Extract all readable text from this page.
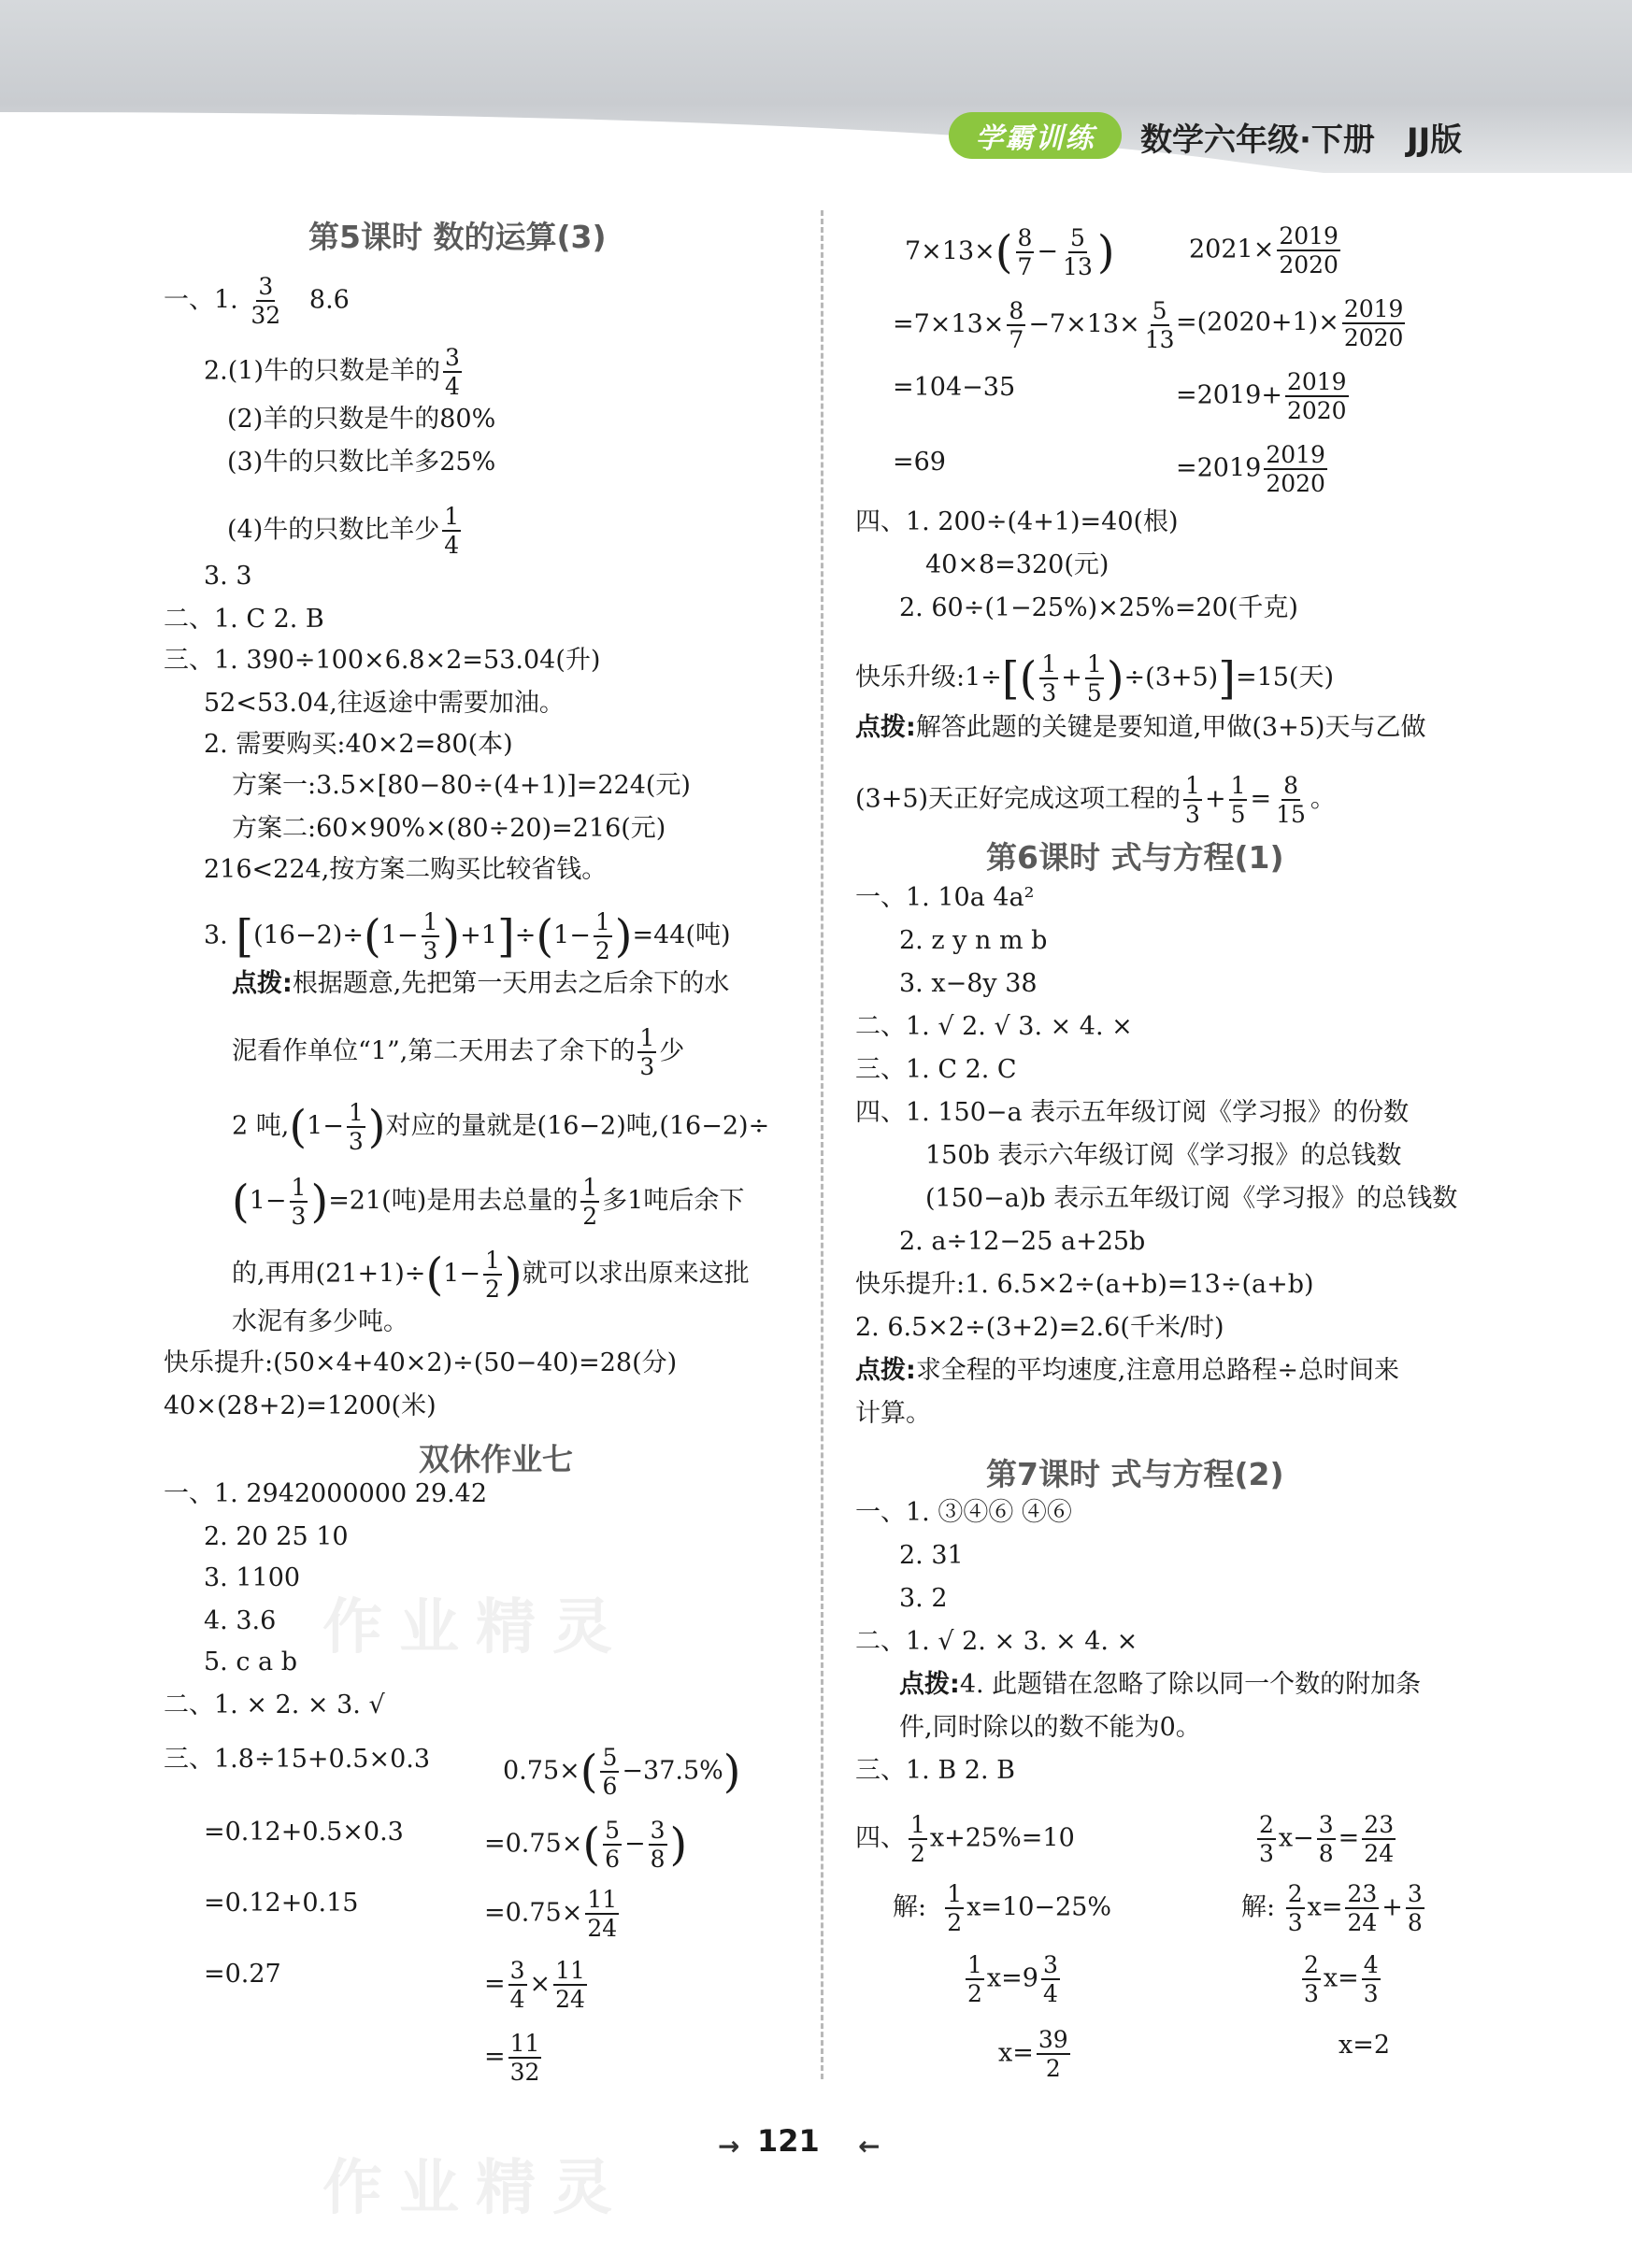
学霸训练 数学六年级·下册 JJ版
作业精灵
作业精灵
第5课时 数的运算(3)
一、1. $\frac{3}{32} 8.6$
2.(1)牛的只数是羊的 $\frac{3}{4}$
(2)羊的只数是牛的80%
(3)牛的只数比羊多25%
(4)牛的只数比羊少 $\frac{1}{4}$
3. 3
二、1. C 2. B
三、1. 390÷100×6.8×2=53.04(升)
52<53.04,往返途中需要加油。
2. 需要购买:40×2=80(本)
方案一:3.5×[80−80÷(4+1)]=224(元)
方案二:60×90%×(80÷20)=216(元)
216<224,按方案二购买比较省钱。
3. $[(16-2)\div(1- \frac{1}{3} )+1]\div(1- \frac{1}{2} )=44$(吨)
点拨:根据题意,先把第一天用去之后余下的水
泥看作单位“1”,第二天用去了余下的 $\frac{1}{3}$ 少
2 吨$,(1- \frac{1}{3}$ )对应的量就是(16−2)吨,(16−2)÷
$(1- \frac{1}{3} )=21$(吨)是用去总量的 $\frac{1}{2}$ 多1吨后余下
的,再用$(21+1)\div(1- \frac{1}{2}$ )就可以求出原来这批
水泥有多少吨。
快乐提升:(50×4+40×2)÷(50−40)=28(分)
40×(28+2)=1200(米)
双休作业七
一、1. 2942000000 29.42
2. 20 25 10
3. 1100
4. 3.6
5. c a b
二、1. × 2. × 3. √
三、1.8÷15+0.5×0.3
=0.12+0.5×0.3
=0.12+0.15
=0.27
$0.75\times( \frac{5}{6} -37.5\%)$
$=0.75\times( \frac{5}{6} - \frac{3}{8}$ )
$=0.75\times \frac{11}{24}$
= $\frac{3}{4} \times \frac{11}{24}$
= $\frac{11}{32}$
$7\times 13\times( \frac{8}{7} - \frac{5}{13}$ )
$=7\times 13\times \frac{8}{7} -7\times 13\times \frac{5}{13}$
=104−35
=69
$2021\times \frac{2019}{2020}$
$=(2020+1)\times \frac{2019}{2020}$
$=2019+ \frac{2019}{2020}$
$=2019 \frac{2019}{2020}$
四、1. 200÷(4+1)=40(根)
40×8=320(元)
2. 60÷(1−25%)×25%=20(千克)
快乐升级:1÷[( $\frac{1}{3} + \frac{1}{5} )\div(3+5)]=15$(天)
点拨:解答此题的关键是要知道,甲做(3+5)天与乙做
(3+5)天正好完成这项工程的 $\frac{1}{3} + \frac{1}{5} = \frac{8}{15}$ 。
第6课时 式与方程(1)
一、1. 10a 4a²
2. z y n m b
3. x−8y 38
二、1. √ 2. √ 3. × 4. ×
三、1. C 2. C
四、1. 150−a 表示五年级订阅《学习报》的份数
150b 表示六年级订阅《学习报》的总钱数
(150−a)b 表示五年级订阅《学习报》的总钱数
2. a÷12−25 a+25b
快乐提升:1. 6.5×2÷(a+b)=13÷(a+b)
2. 6.5×2÷(3+2)=2.6(千米/时)
点拨:求全程的平均速度,注意用总路程÷总时间来
计算。
第7课时 式与方程(2)
一、1. ③④⑥ ④⑥
2. 31
3. 2
二、1. √ 2. × 3. × 4. ×
点拨:4. 此题错在忽略了除以同一个数的附加条
件,同时除以的数不能为0。
三、1. B 2. B
四、 $\frac{1}{2} x+25\%=10$
解: $\frac{1}{2} x=10-25\%$
$\frac{1}{2} x=9 \frac{3}{4}$
$x= \frac{39}{2}$
$\frac{2}{3} x- \frac{3}{8} = \frac{23}{24}$
解: $\frac{2}{3} x= \frac{23}{24} + \frac{3}{8}$
$\frac{2}{3} x= \frac{4}{3}$
x=2
→ 121 ←
